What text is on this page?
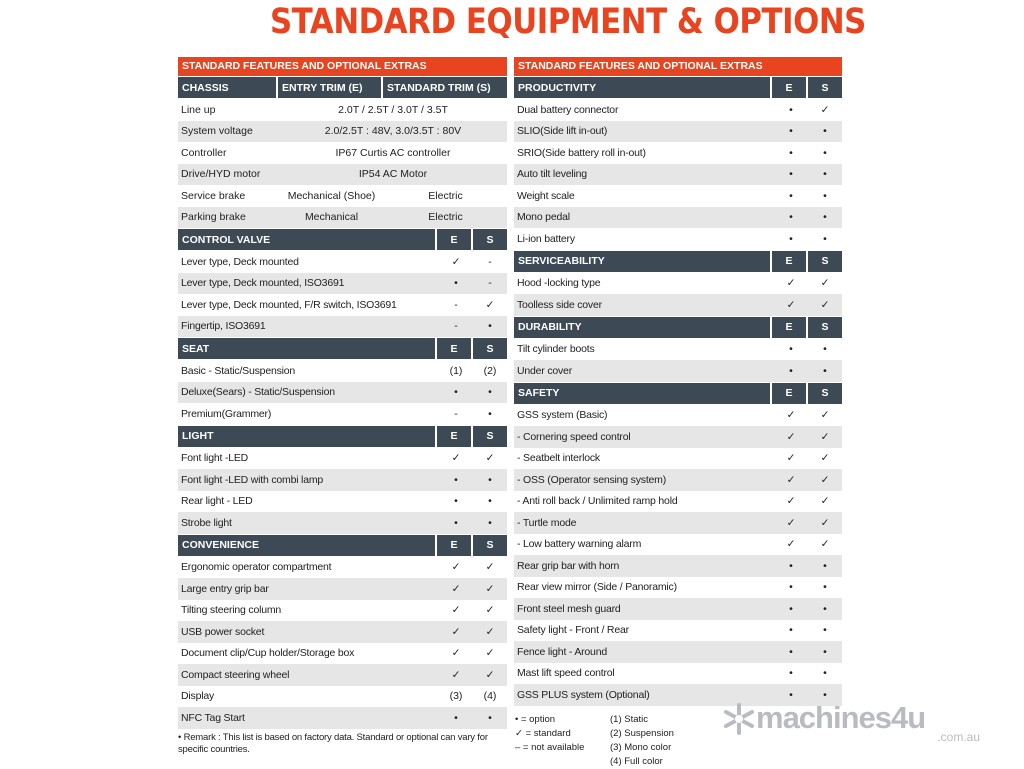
STANDARD EQUIPMENT & OPTIONS
STANDARD FEATURES AND OPTIONAL EXTRAS
CHASSIS	ENTRY TRIM (E)	STANDARD TRIM (S)
Line up	2.0T / 2.5T / 3.0T / 3.5T
System voltage	2.0/2.5T : 48V, 3.0/3.5T : 80V
Controller	IP67 Curtis AC controller
Drive/HYD motor	IP54 AC Motor
Service brake	Mechanical (Shoe)	Electric
Parking brake	Mechanical	Electric
CONTROL VALVE	E	S
Lever type, Deck mounted	✓	-
Lever type, Deck mounted, ISO3691	•	-
Lever type, Deck mounted, F/R switch, ISO3691	-	✓
Fingertip, ISO3691	-	•
SEAT	E	S
Basic - Static/Suspension	(1)	(2)
Deluxe(Sears) - Static/Suspension	•	•
Premium(Grammer)	-	•
LIGHT	E	S
Font light -LED	✓	✓
Font light -LED with combi lamp	•	•
Rear light - LED	•	•
Strobe light	•	•
CONVENIENCE	E	S
Ergonomic operator compartment	✓	✓
Large entry grip bar	✓	✓
Tilting steering column	✓	✓
USB power socket	✓	✓
Document clip/Cup holder/Storage box	✓	✓
Compact steering wheel	✓	✓
Display	(3)	(4)
NFC Tag Start	•	•
STANDARD FEATURES AND OPTIONAL EXTRAS
PRODUCTIVITY	E	S
Dual battery connector	•	✓
SLIO(Side lift in-out)	•	•
SRIO(Side battery roll in-out)	•	•
Auto tilt leveling	•	•
Weight scale	•	•
Mono pedal	•	•
Li-ion battery	•	•
SERVICEABILITY	E	S
Hood -locking type	✓	✓
Toolless side cover	✓	✓
DURABILITY	E	S
Tilt cylinder boots	•	•
Under cover	•	•
SAFETY	E	S
GSS system (Basic)	✓	✓
- Cornering speed control	✓	✓
- Seatbelt interlock	✓	✓
- OSS (Operator sensing system)	✓	✓
- Anti roll back / Unlimited ramp hold	✓	✓
- Turtle mode	✓	✓
- Low battery warning alarm	✓	✓
Rear grip bar with horn	•	•
Rear view mirror (Side / Panoramic)	•	•
Front steel mesh guard	•	•
Safety light - Front / Rear	•	•
Fence light - Around	•	•
Mast lift speed control	•	•
GSS PLUS system (Optional)	•	•
• Remark : This list is based on factory data. Standard or optional can vary for specific countries.
• = option
✓ = standard
– = not available
(1) Static
(2) Suspension
(3) Mono color
(4) Full color
machines4u
.com.au
